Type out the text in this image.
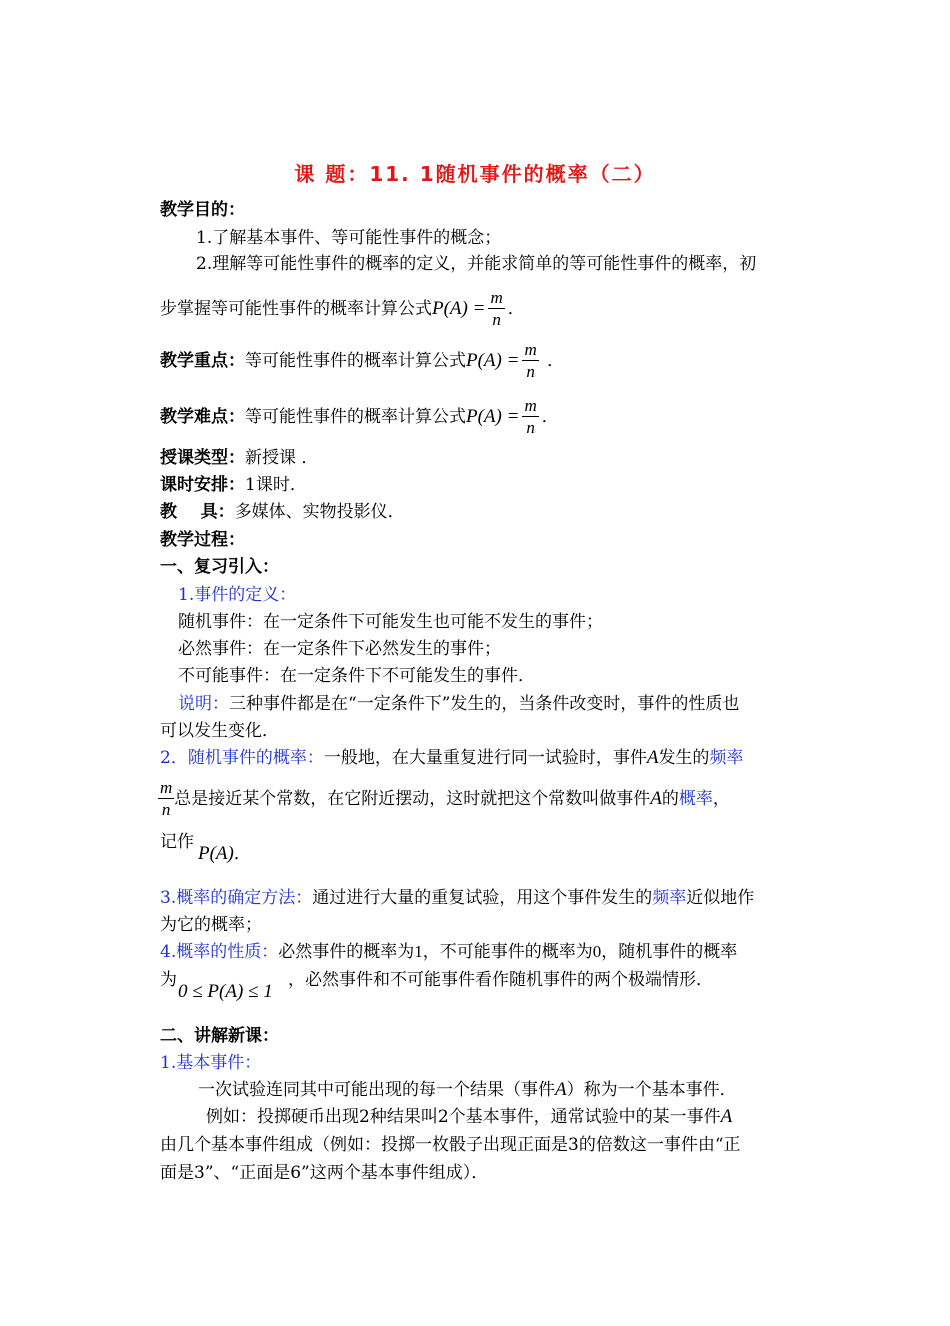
课 题：11. 1随机事件的概率（二）
教学目的：
1.了解基本事件、等可能性事件的概念；
2.理解等可能性事件的概率的定义，并能求简单的等可能性事件的概率，初
步掌握等可能性事件的概率计算公式$P(A) = \frac{m}{n}$ ．
教学重点：等可能性事件的概率计算公式$P(A) = \frac{m}{n}$ ．
教学难点：等可能性事件的概率计算公式$P(A) = \frac{m}{n}$ ．
授课类型：新授课 ．
课时安排：1课时．
教    具：多媒体、实物投影仪．
教学过程：
一、复习引入：
1.事件的定义：
随机事件：在一定条件下可能发生也可能不发生的事件；
必然事件：在一定条件下必然发生的事件；
不可能事件：在一定条件下不可能发生的事件．
说明：三种事件都是在“一定条件下”发生的，当条件改变时，事件的性质也
可以发生变化．
2．随机事件的概率：一般地，在大量重复进行同一试验时，事件A发生的频率
$\frac{m}{n}$ 总是接近某个常数，在它附近摆动，这时就把这个常数叫做事件A的概率，
记作
P(A)．
3.概率的确定方法：通过进行大量的重复试验，用这个事件发生的频率近似地作
为它的概率；
4.概率的性质：必然事件的概率为1，不可能事件的概率为0，随机事件的概率
为
0 ≤ P(A) ≤ 1
，必然事件和不可能事件看作随机事件的两个极端情形．
二、讲解新课：
1.基本事件：
一次试验连同其中可能出现的每一个结果（事件A）称为一个基本事件．
例如：投掷硬币出现2种结果叫2个基本事件，通常试验中的某一事件A
由几个基本事件组成（例如：投掷一枚骰子出现正面是3的倍数这一事件由“正
面是3”、“正面是6”这两个基本事件组成）．
